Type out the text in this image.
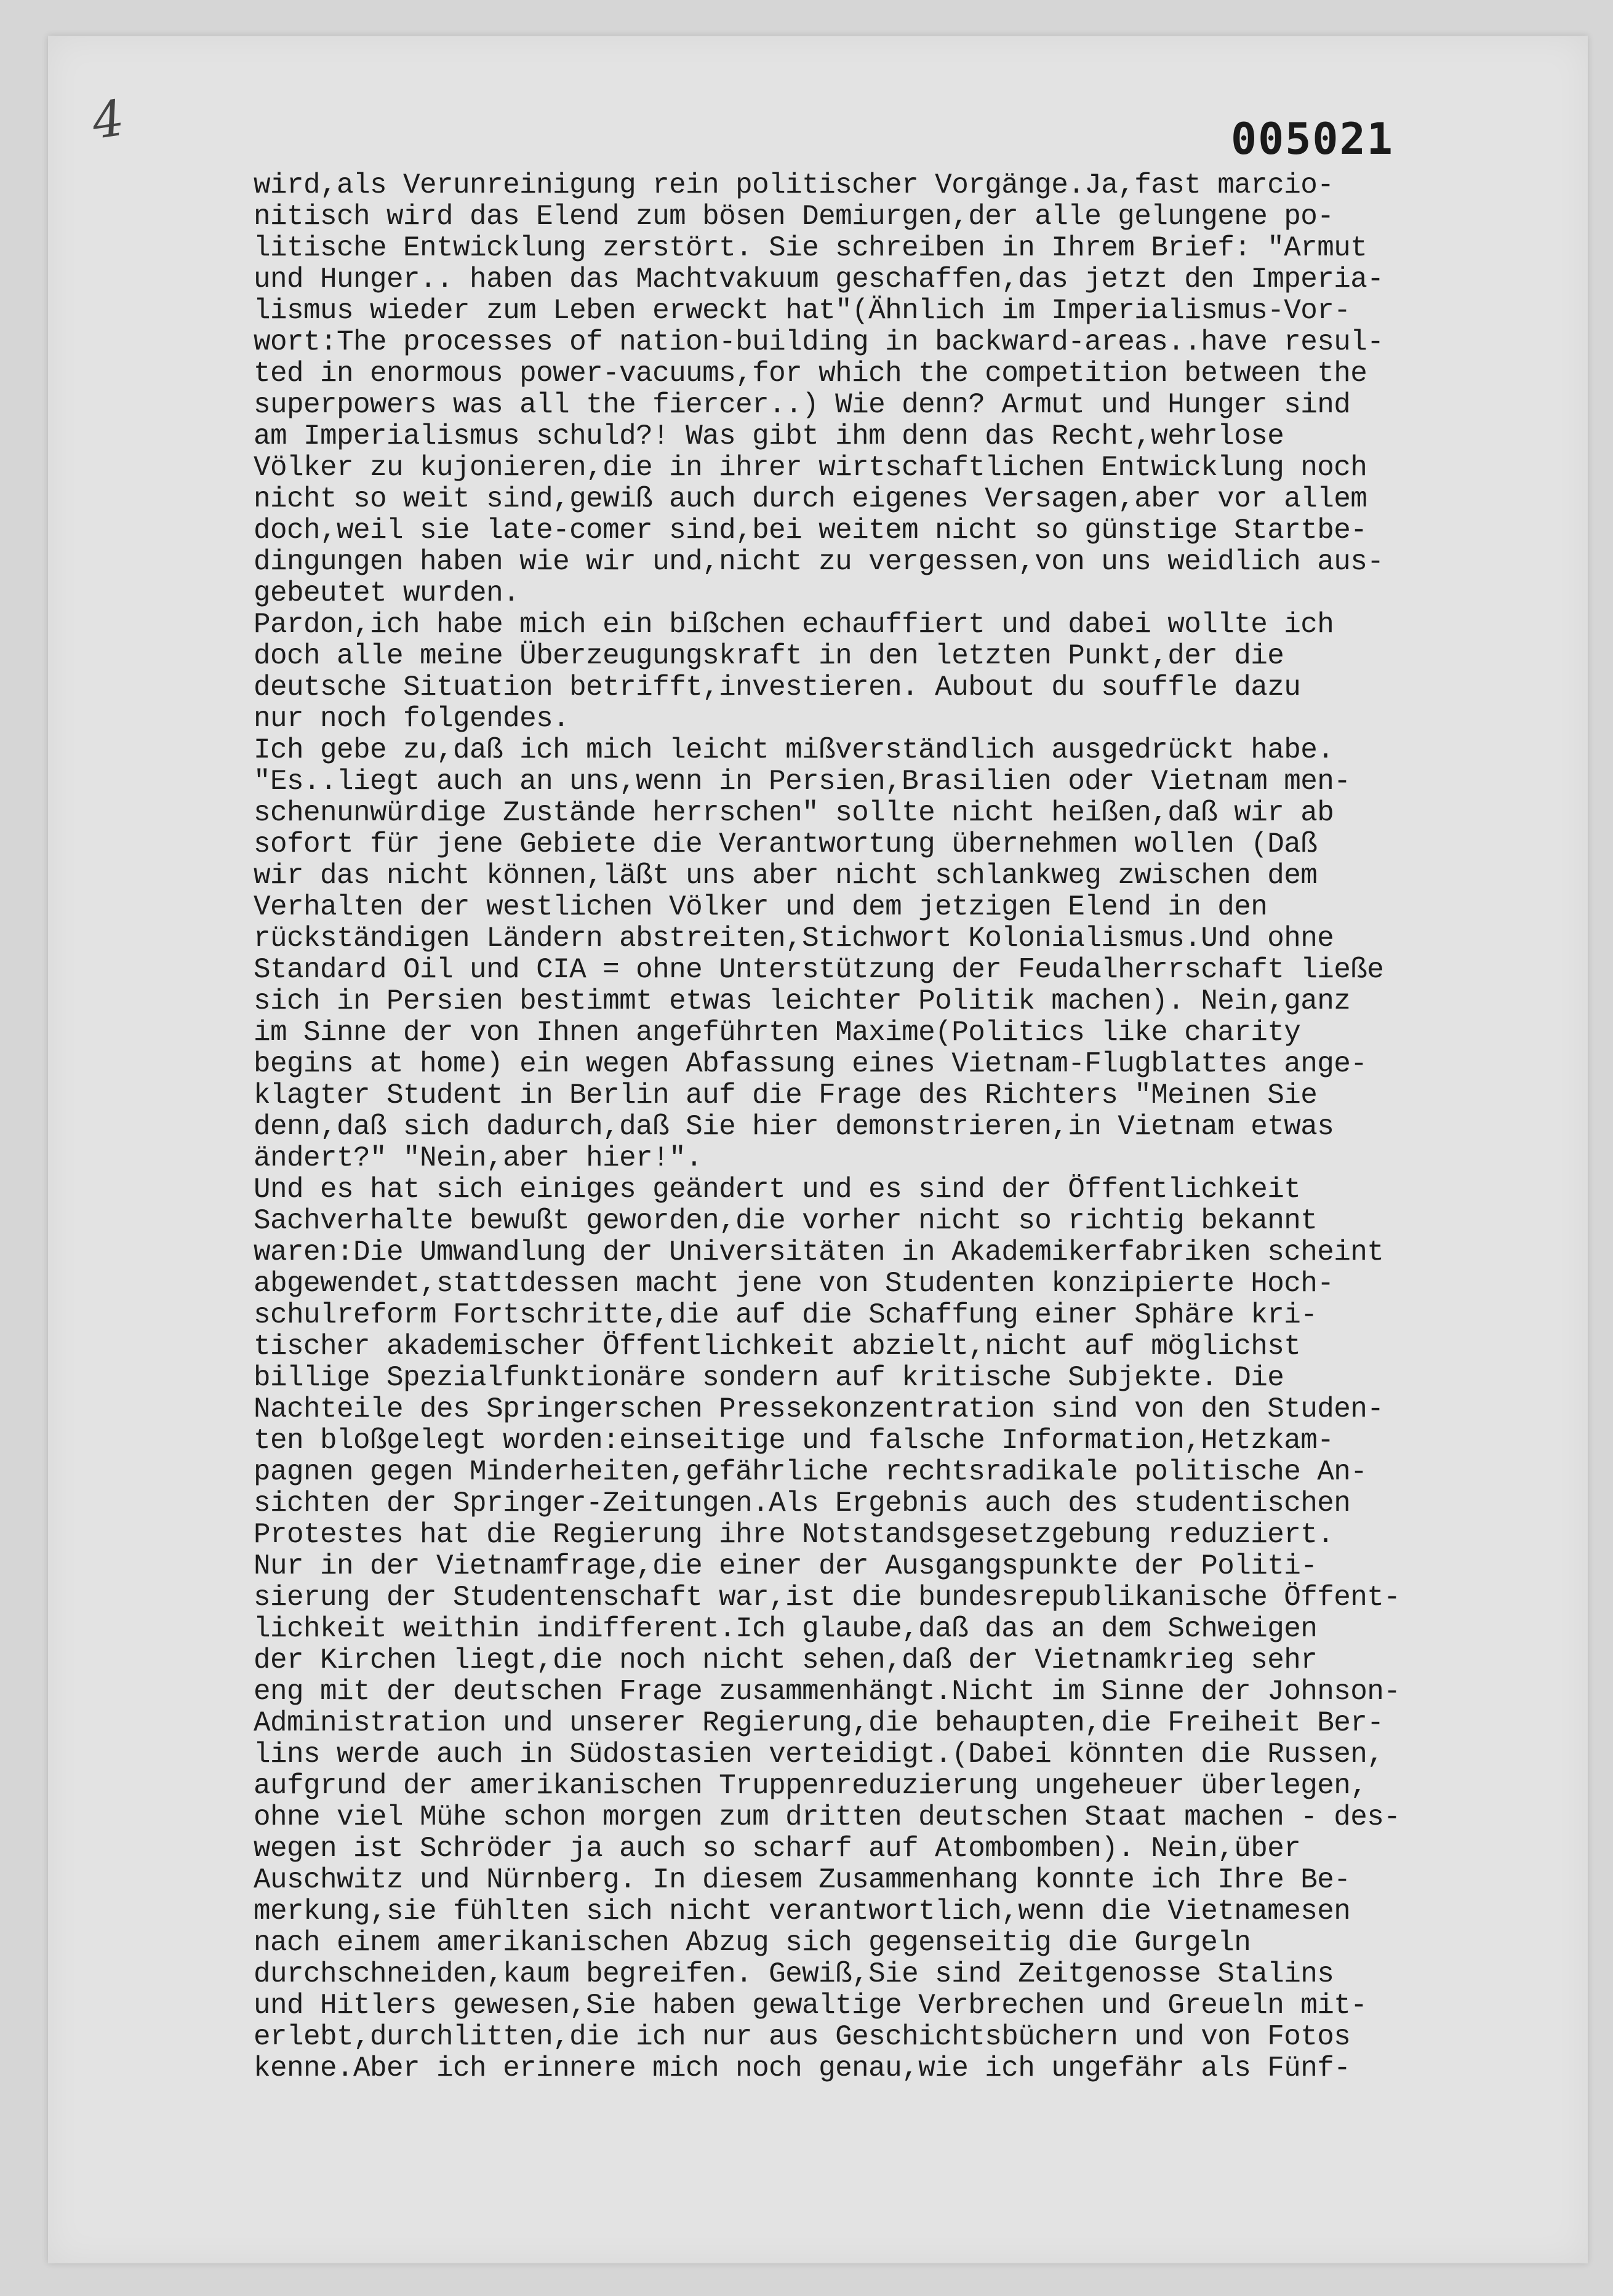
4	005021
wird,als Verunreinigung rein politischer Vorgänge.Ja,fast marcio-
nitisch wird das Elend zum bösen Demiurgen,der alle gelungene po-
litische Entwicklung zerstört. Sie schreiben in Ihrem Brief: "Armut
und Hunger.. haben das Machtvakuum geschaffen,das jetzt den Imperia-
lismus wieder zum Leben erweckt hat"(Ähnlich im Imperialismus-Vor-
wort:The processes of nation-building in backward-areas..have resul-
ted in enormous power-vacuums,for which the competition between the
superpowers was all the fiercer..) Wie denn? Armut und Hunger sind
am Imperialismus schuld?! Was gibt ihm denn das Recht,wehrlose
Völker zu kujonieren,die in ihrer wirtschaftlichen Entwicklung noch
nicht so weit sind,gewiß auch durch eigenes Versagen,aber vor allem
doch,weil sie late-comer sind,bei weitem nicht so günstige Startbe-
dingungen haben wie wir und,nicht zu vergessen,von uns weidlich aus-
gebeutet wurden.
Pardon,ich habe mich ein bißchen echauffiert und dabei wollte ich
doch alle meine Überzeugungskraft in den letzten Punkt,der die
deutsche Situation betrifft,investieren. Aubout du souffle dazu
nur noch folgendes.
Ich gebe zu,daß ich mich leicht mißverständlich ausgedrückt habe.
"Es..liegt auch an uns,wenn in Persien,Brasilien oder Vietnam men-
schenunwürdige Zustände herrschen" sollte nicht heißen,daß wir ab
sofort für jene Gebiete die Verantwortung übernehmen wollen (Daß
wir das nicht können,läßt uns aber nicht schlankweg zwischen dem
Verhalten der westlichen Völker und dem jetzigen Elend in den
rückständigen Ländern abstreiten,Stichwort Kolonialismus.Und ohne
Standard Oil und CIA = ohne Unterstützung der Feudalherrschaft ließe
sich in Persien bestimmt etwas leichter Politik machen). Nein,ganz
im Sinne der von Ihnen angeführten Maxime(Politics like charity
begins at home) ein wegen Abfassung eines Vietnam-Flugblattes ange-
klagter Student in Berlin auf die Frage des Richters "Meinen Sie
denn,daß sich dadurch,daß Sie hier demonstrieren,in Vietnam etwas
ändert?" "Nein,aber hier!".
Und es hat sich einiges geändert und es sind der Öffentlichkeit
Sachverhalte bewußt geworden,die vorher nicht so richtig bekannt
waren:Die Umwandlung der Universitäten in Akademikerfabriken scheint
abgewendet,stattdessen macht jene von Studenten konzipierte Hoch-
schulreform Fortschritte,die auf die Schaffung einer Sphäre kri-
tischer akademischer Öffentlichkeit abzielt,nicht auf möglichst
billige Spezialfunktionäre sondern auf kritische Subjekte. Die
Nachteile des Springerschen Pressekonzentration sind von den Studen-
ten bloßgelegt worden:einseitige und falsche Information,Hetzkam-
pagnen gegen Minderheiten,gefährliche rechtsradikale politische An-
sichten der Springer-Zeitungen.Als Ergebnis auch des studentischen
Protestes hat die Regierung ihre Notstandsgesetzgebung reduziert.
Nur in der Vietnamfrage,die einer der Ausgangspunkte der Politi-
sierung der Studentenschaft war,ist die bundesrepublikanische Öffent-
lichkeit weithin indifferent.Ich glaube,daß das an dem Schweigen
der Kirchen liegt,die noch nicht sehen,daß der Vietnamkrieg sehr
eng mit der deutschen Frage zusammenhängt.Nicht im Sinne der Johnson-
Administration und unserer Regierung,die behaupten,die Freiheit Ber-
lins werde auch in Südostasien verteidigt.(Dabei könnten die Russen,
aufgrund der amerikanischen Truppenreduzierung ungeheuer überlegen,
ohne viel Mühe schon morgen zum dritten deutschen Staat machen - des-
wegen ist Schröder ja auch so scharf auf Atombomben). Nein,über
Auschwitz und Nürnberg. In diesem Zusammenhang konnte ich Ihre Be-
merkung,sie fühlten sich nicht verantwortlich,wenn die Vietnamesen
nach einem amerikanischen Abzug sich gegenseitig die Gurgeln
durchschneiden,kaum begreifen. Gewiß,Sie sind Zeitgenosse Stalins
und Hitlers gewesen,Sie haben gewaltige Verbrechen und Greueln mit-
erlebt,durchlitten,die ich nur aus Geschichtsbüchern und von Fotos
kenne.Aber ich erinnere mich noch genau,wie ich ungefähr als Fünf-
